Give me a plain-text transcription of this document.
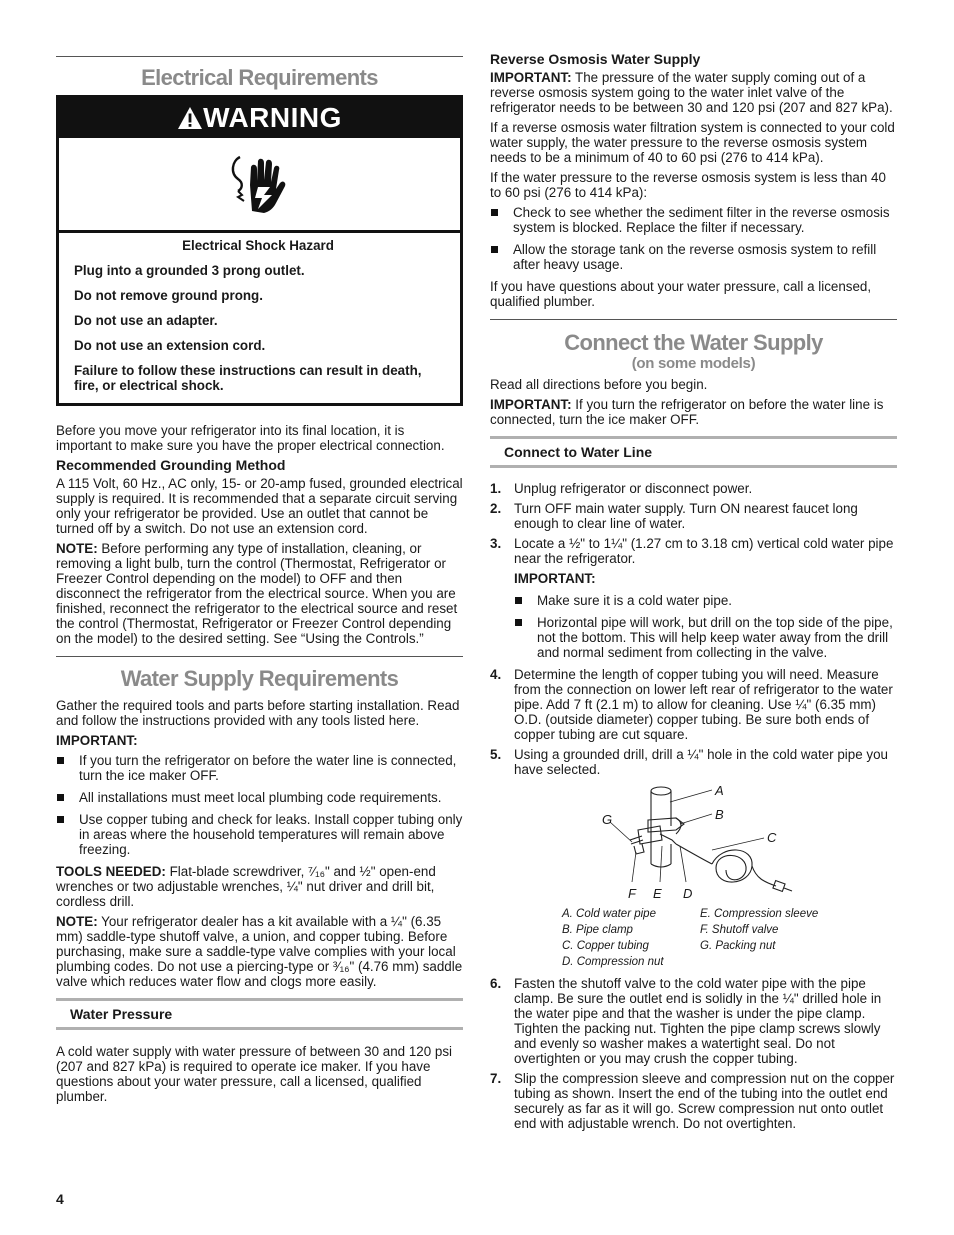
Electrical Requirements
WARNING
Electrical Shock Hazard
Plug into a grounded 3 prong outlet.
Do not remove ground prong.
Do not use an adapter.
Do not use an extension cord.
Failure to follow these instructions can result in death, fire, or electrical shock.

Before you move your refrigerator into its final location, it is important to make sure you have the proper electrical connection.

Recommended Grounding Method

A 115 Volt, 60 Hz., AC only, 15- or 20-amp fused, grounded electrical supply is required. It is recommended that a separate circuit serving only your refrigerator be provided. Use an outlet that cannot be turned off by a switch. Do not use an extension cord.

NOTE: Before performing any type of installation, cleaning, or removing a light bulb, turn the control (Thermostat, Refrigerator or Freezer Control depending on the model) to OFF and then disconnect the refrigerator from the electrical source. When you are finished, reconnect the refrigerator to the electrical source and reset the control (Thermostat, Refrigerator or Freezer Control depending on the model) to the desired setting. See “Using the Controls.”

Water Supply Requirements

Gather the required tools and parts before starting installation. Read and follow the instructions provided with any tools listed here.

IMPORTANT:

If you turn the refrigerator on before the water line is connected, turn the ice maker OFF.
All installations must meet local plumbing code requirements.
Use copper tubing and check for leaks. Install copper tubing only in areas where the household temperatures will remain above freezing.

TOOLS NEEDED: Flat-blade screwdriver, ⁷⁄₁₆" and ½" open-end wrenches or two adjustable wrenches, ¼" nut driver and drill bit, cordless drill.

NOTE: Your refrigerator dealer has a kit available with a ¼" (6.35 mm) saddle-type shutoff valve, a union, and copper tubing. Before purchasing, make sure a saddle-type valve complies with your local plumbing codes. Do not use a piercing-type or ³⁄₁₆" (4.76 mm) saddle valve which reduces water flow and clogs more easily.

Water Pressure

A cold water supply with water pressure of between 30 and 120 psi (207 and 827 kPa) is required to operate ice maker. If you have questions about your water pressure, call a licensed, qualified plumber.

Reverse Osmosis Water Supply

IMPORTANT: The pressure of the water supply coming out of a reverse osmosis system going to the water inlet valve of the refrigerator needs to be between 30 and 120 psi (207 and 827 kPa).

If a reverse osmosis water filtration system is connected to your cold water supply, the water pressure to the reverse osmosis system needs to be a minimum of 40 to 60 psi (276 to 414 kPa).

If the water pressure to the reverse osmosis system is less than 40 to 60 psi (276 to 414 kPa):

Check to see whether the sediment filter in the reverse osmosis system is blocked. Replace the filter if necessary.
Allow the storage tank on the reverse osmosis system to refill after heavy usage.

If you have questions about your water pressure, call a licensed, qualified plumber.

Connect the Water Supply
(on some models)

Read all directions before you begin.

IMPORTANT: If you turn the refrigerator on before the water line is connected, turn the ice maker OFF.

Connect to Water Line
1. Unplug refrigerator or disconnect power.
2. Turn OFF main water supply. Turn ON nearest faucet long enough to clear line of water.
3. Locate a ½" to 1¼" (1.27 cm to 3.18 cm) vertical cold water pipe near the refrigerator.
IMPORTANT:
Make sure it is a cold water pipe.
Horizontal pipe will work, but drill on the top side of the pipe, not the bottom. This will help keep water away from the drill and normal sediment from collecting in the valve.
4. Determine the length of copper tubing you will need. Measure from the connection on lower left rear of refrigerator to the water pipe. Add 7 ft (2.1 m) to allow for cleaning. Use ¼" (6.35 mm) O.D. (outside diameter) copper tubing. Be sure both ends of copper tubing are cut square.
5. Using a grounded drill, drill a ¼" hole in the cold water pipe you have selected.
A
B
C
G
F E D
A. Cold water pipe
B. Pipe clamp
C. Copper tubing
D. Compression nut
E. Compression sleeve
F. Shutoff valve
G. Packing nut
6. Fasten the shutoff valve to the cold water pipe with the pipe clamp. Be sure the outlet end is solidly in the ¼" drilled hole in the water pipe and that the washer is under the pipe clamp. Tighten the packing nut. Tighten the pipe clamp screws slowly and evenly so washer makes a watertight seal. Do not overtighten or you may crush the copper tubing.
7. Slip the compression sleeve and compression nut on the copper tubing as shown. Insert the end of the tubing into the outlet end securely as far as it will go. Screw compression nut onto outlet end with adjustable wrench. Do not overtighten.
4
